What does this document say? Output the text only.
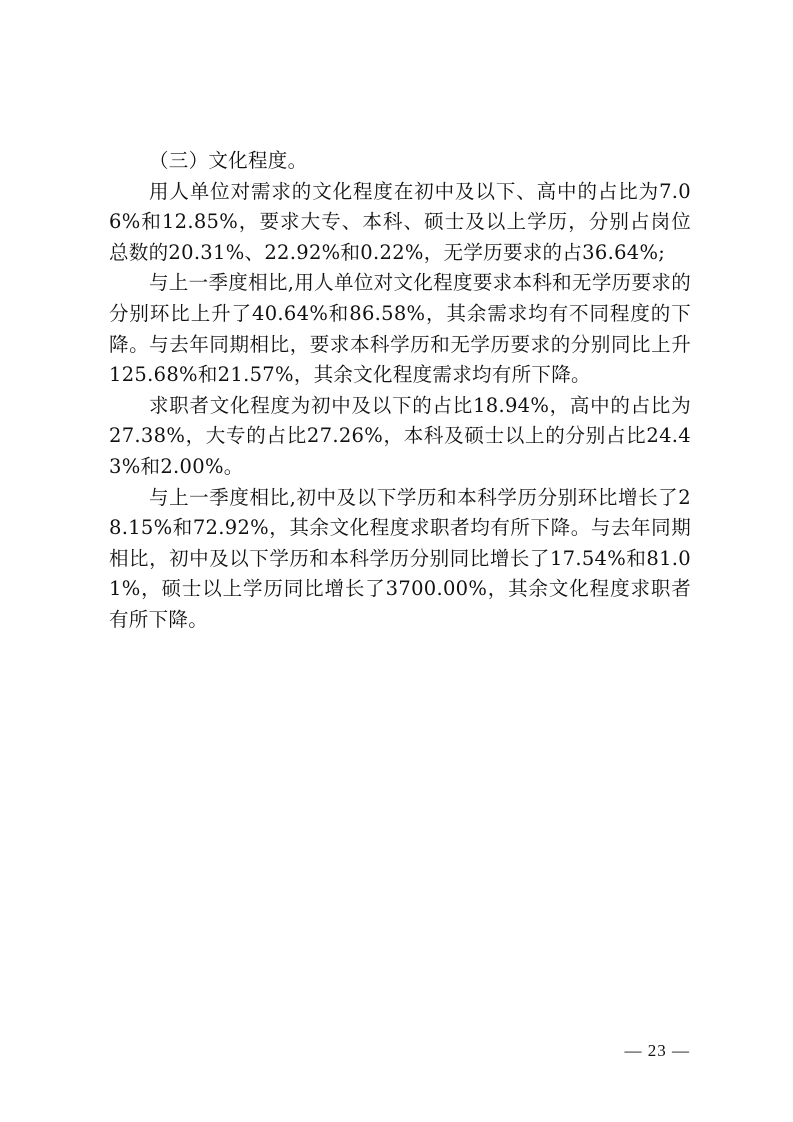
（三）文化程度。

用人单位对需求的文化程度在初中及以下、高中的占比为7.06%和12.85%，要求大专、本科、硕士及以上学历，分别占岗位总数的20.31%、22.92%和0.22%，无学历要求的占36.64%;

与上一季度相比,用人单位对文化程度要求本科和无学历要求的分别环比上升了40.64%和86.58%，其余需求均有不同程度的下降。与去年同期相比，要求本科学历和无学历要求的分别同比上升125.68%和21.57%，其余文化程度需求均有所下降。

求职者文化程度为初中及以下的占比18.94%，高中的占比为27.38%，大专的占比27.26%，本科及硕士以上的分别占比24.43%和2.00%。

与上一季度相比,初中及以下学历和本科学历分别环比增长了28.15%和72.92%，其余文化程度求职者均有所下降。与去年同期相比，初中及以下学历和本科学历分别同比增长了17.54%和81.01%，硕士以上学历同比增长了3700.00%，其余文化程度求职者有所下降。

— 23 —
